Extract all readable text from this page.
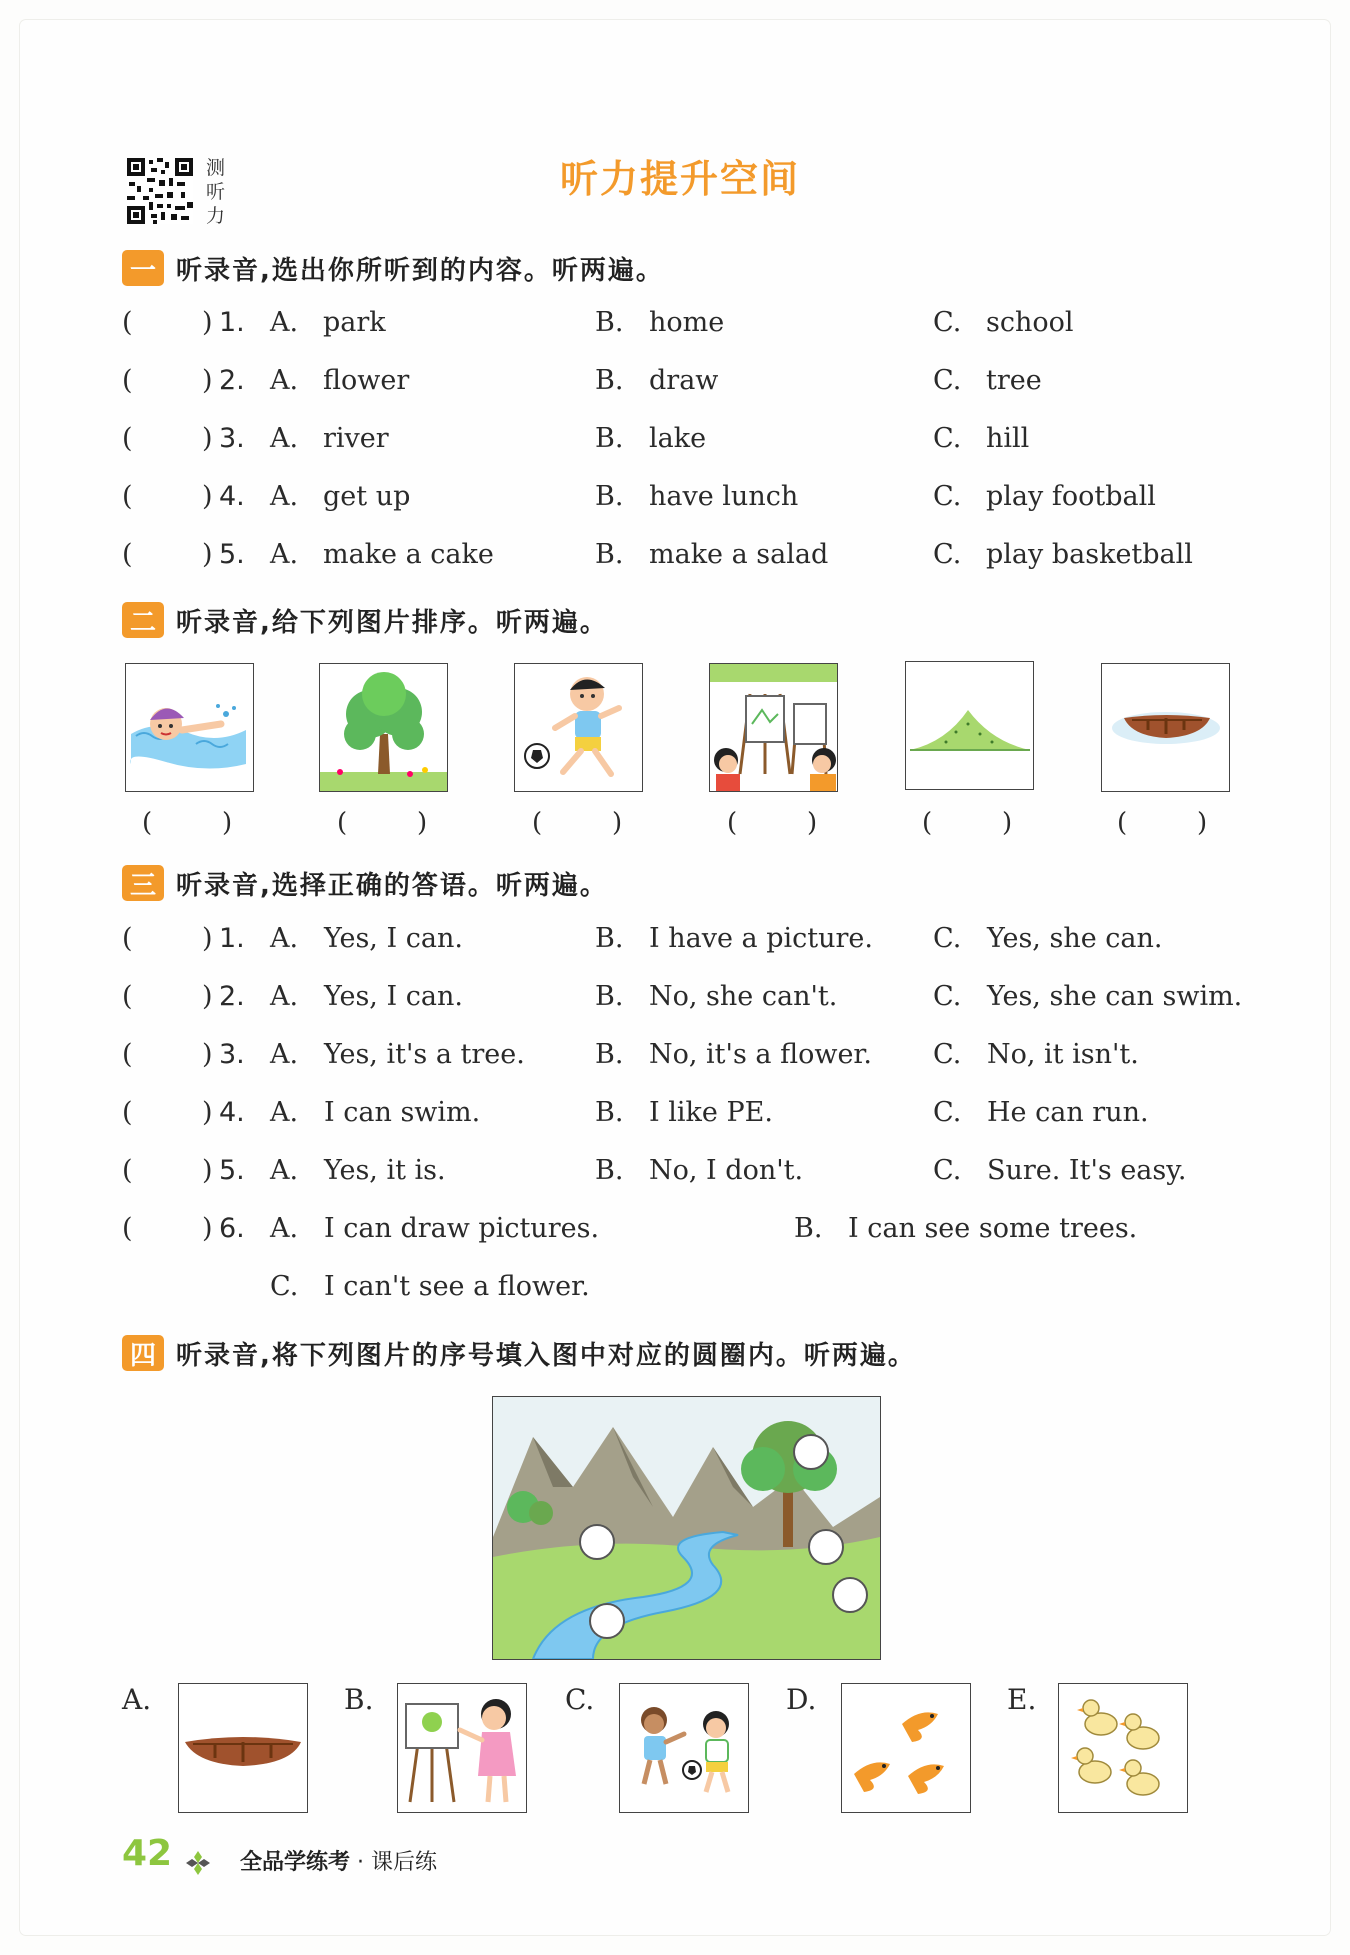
测听力
听力提升空间
一 听录音,选出你所听到的内容。听两遍。
(	) 1. A. park	B. home	C. school
(	) 2. A. flower	B. draw	C. tree
(	) 3. A. river	B. lake	C. hill
(	) 4. A. get up	B. have lunch	C. play football
(	) 5. A. make a cake	B. make a salad	C. play basketball
二 听录音,给下列图片排序。听两遍。
(	)	(	)	(	)	(	)	(	)	(	)
三 听录音,选择正确的答语。听两遍。
(	) 1. A. Yes, I can.	B. I have a picture. C. Yes, she can.
(	) 2. A. Yes, I can.	B. No, she can't.	C. Yes, she can swim.
(	) 3. A. Yes, it's a tree.	B. No, it's a flower. C. No, it isn't.
(	) 4. A. I can swim.	B. I like PE.	C. He can run.
(	) 5. A. Yes, it is.	B. No, I don't.	C. Sure. It's easy.
(	) 6. A. I can draw pictures.	B. I can see some trees.
C. I can't see a flower.
四 听录音,将下列图片的序号填入图中对应的圆圈内。听两遍。
A.	B.	C.	D.	E.
42	全品学练考 · 课后练
